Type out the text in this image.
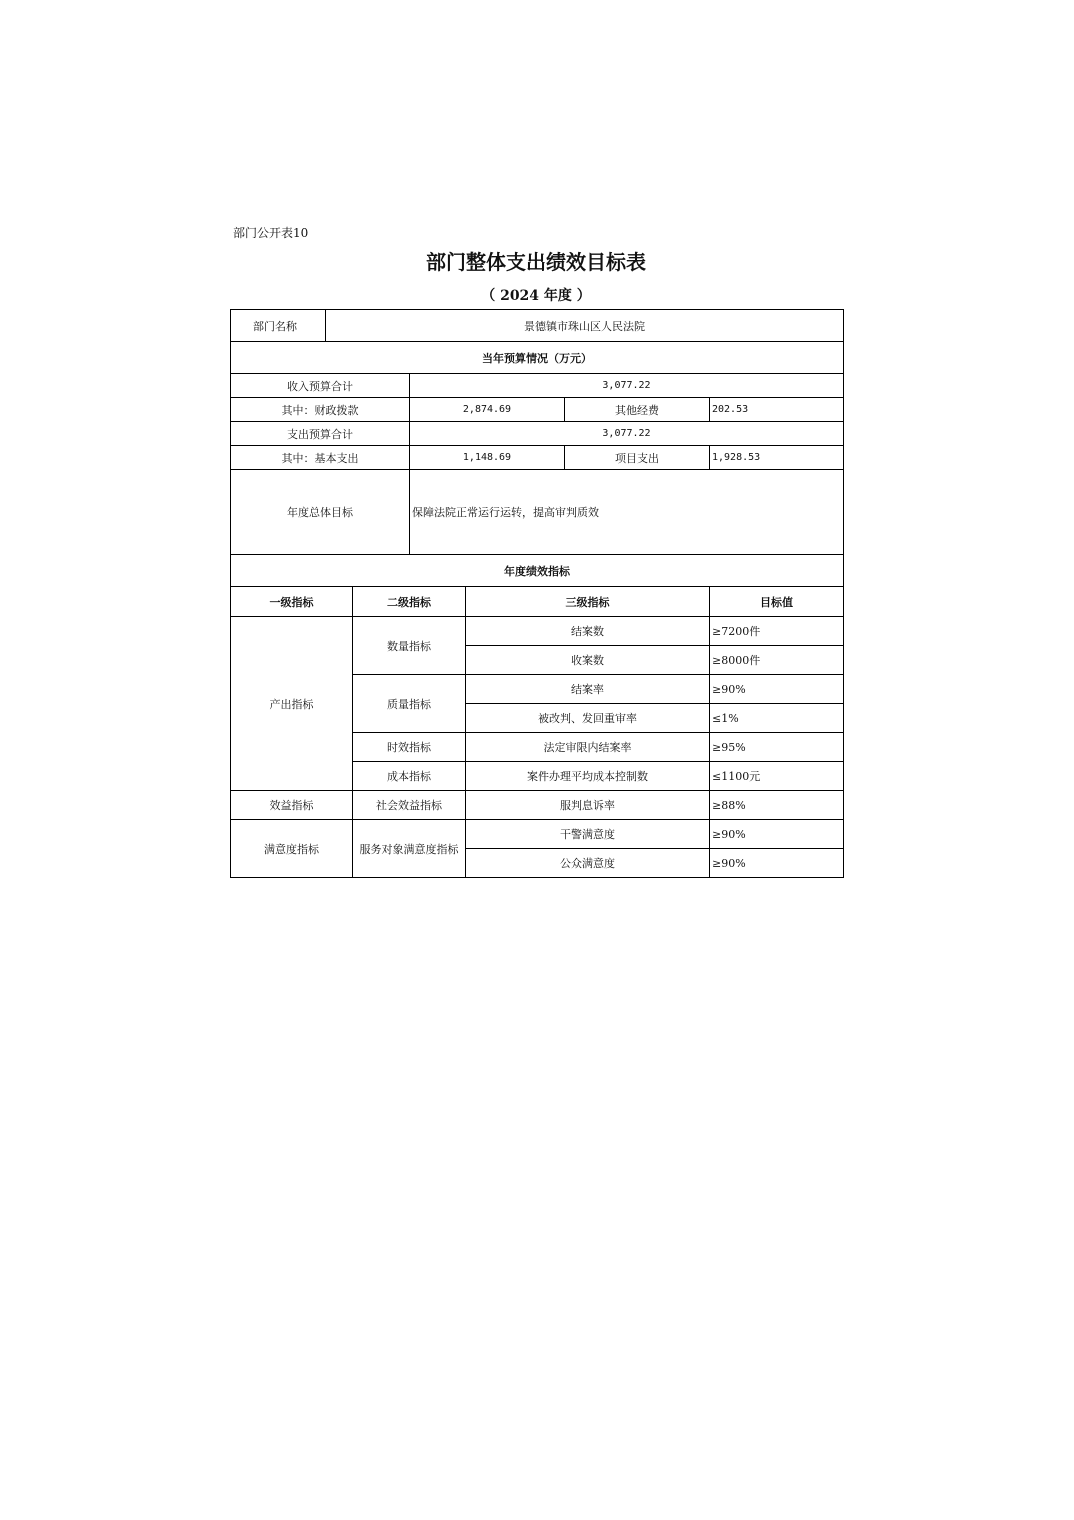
部门公开表10
部门整体支出绩效目标表
（ 2024 年度 ）
部门名称	景德镇市珠山区人民法院					
当年预算情况（万元）						
收入预算合计			3,077.22			
其中：财政拨款			2,874.69		其他经费	202.53
支出预算合计			3,077.22			
其中：基本支出			1,148.69		项目支出	1,928.53
年度总体目标			保障法院正常运行运转，提高审判质效			
年度绩效指标						
一级指标		二级指标		三级指标		目标值
产出指标		数量指标		结案数		≥7200件
				收案数		≥8000件
		质量指标		结案率		≥90%
				被改判、发回重审率		≤1%
		时效指标		法定审限内结案率		≥95%
		成本指标		案件办理平均成本控制数		≤1100元
效益指标		社会效益指标		服判息诉率		≥88%
满意度指标		服务对象满意度指标		干警满意度		≥90%
				公众满意度		≥90%
